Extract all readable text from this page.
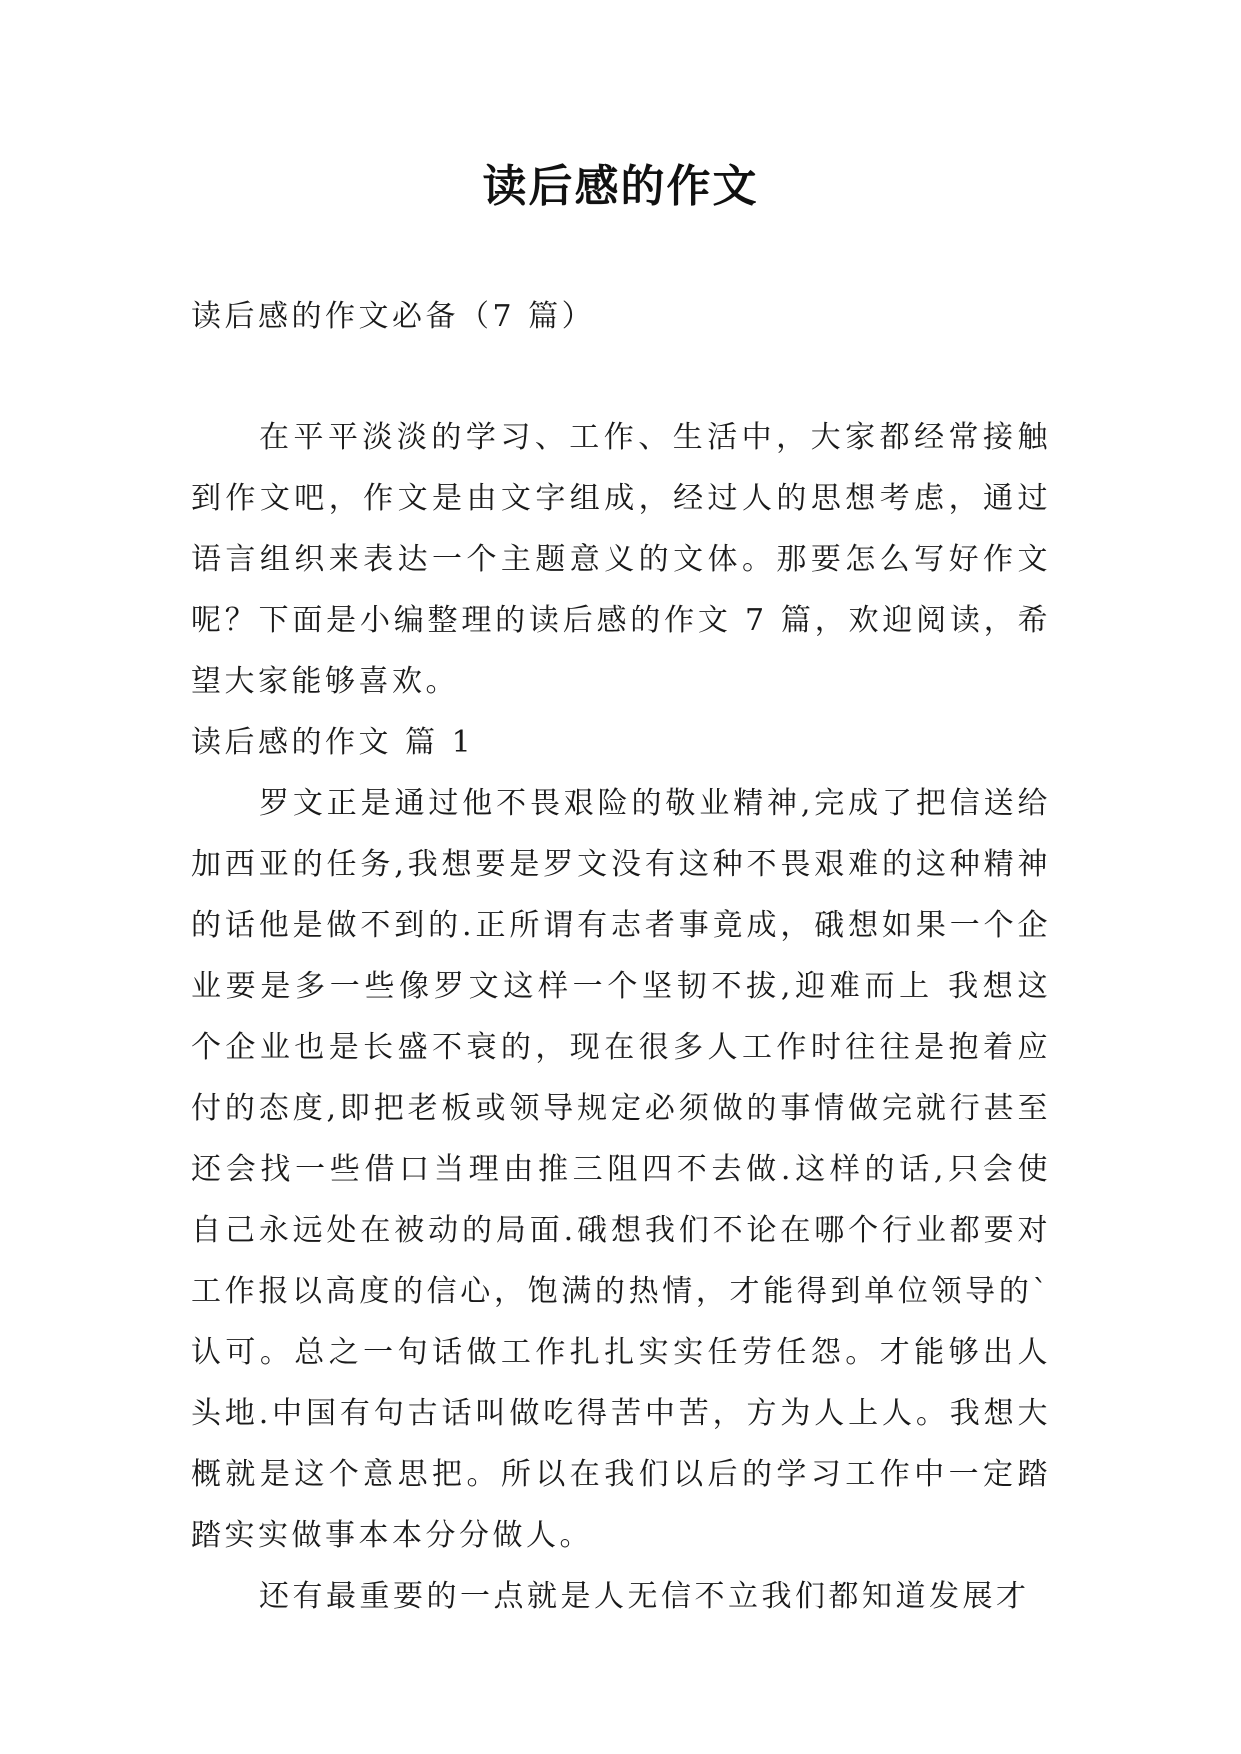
读后感的作文

读后感的作文必备（7 篇）

在平平淡淡的学习、工作、生活中，大家都经常接触到作文吧，作文是由文字组成，经过人的思想考虑，通过语言组织来表达一个主题意义的文体。那要怎么写好作文呢？下面是小编整理的读后感的作文 7 篇，欢迎阅读，希望大家能够喜欢。

读后感的作文 篇 1

罗文正是通过他不畏艰险的敬业精神,完成了把信送给加西亚的任务,我想要是罗文没有这种不畏艰难的这种精神的话他是做不到的.正所谓有志者事竟成，硪想如果一个企业要是多一些像罗文这样一个坚韧不拔,迎难而上 我想这个企业也是长盛不衰的，现在很多人工作时往往是抱着应付的态度,即把老板或领导规定必须做的事情做完就行甚至还会找一些借口当理由推三阻四不去做.这样的话,只会使自己永远处在被动的局面.硪想我们不论在哪个行业都要对工作报以高度的信心，饱满的热情，才能得到单位领导的`认可。总之一句话做工作扎扎实实任劳任怨。才能够出人头地.中国有句古话叫做吃得苦中苦，方为人上人。我想大概就是这个意思把。所以在我们以后的学习工作中一定踏踏实实做事本本分分做人。

还有最重要的一点就是人无信不立我们都知道发展才
